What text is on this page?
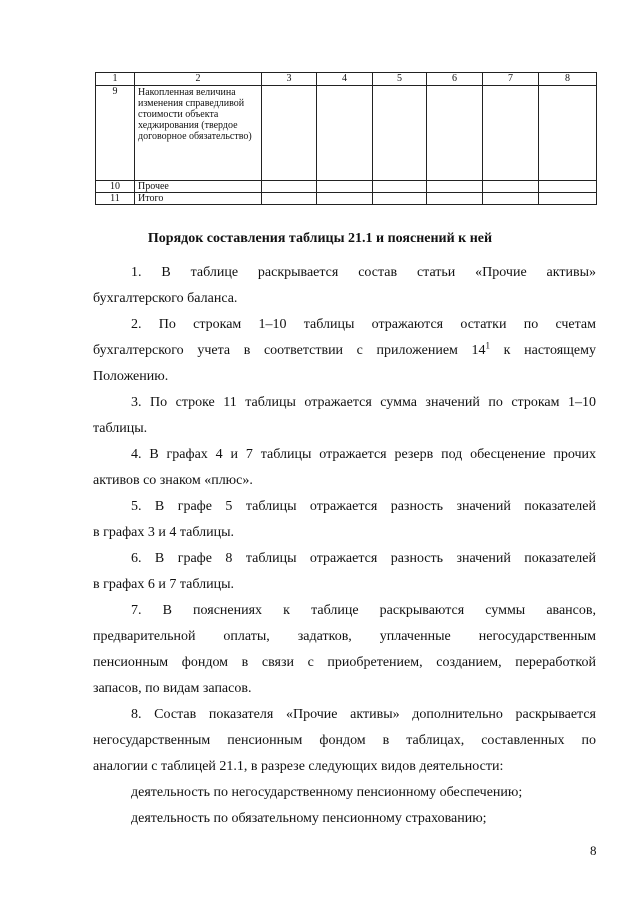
1	2	3	4	5	6	7	8
9	Накопленная величина изменения справедливой стоимости объекта хеджирования (твердое договорное обязательство)						
10	Прочее						
11	Итого						
Порядок составления таблицы 21.1 и пояснений к ней

1. В таблице раскрывается состав статьи «Прочие активы»

бухгалтерского баланса.

2. По строкам 1–10 таблицы отражаются остатки по счетам

бухгалтерского учета в соответствии с приложением $14^1$ к настоящему

Положению.

3. По строке 11 таблицы отражается сумма значений по строкам 1–10

таблицы.

4. В графах 4 и 7 таблицы отражается резерв под обесценение прочих

активов со знаком «плюс».

5. В графе 5 таблицы отражается разность значений показателей

в графах 3 и 4 таблицы.

6. В графе 8 таблицы отражается разность значений показателей

в графах 6 и 7 таблицы.

7. В пояснениях к таблице раскрываются суммы авансов,

предварительной оплаты, задатков, уплаченные негосударственным

пенсионным фондом в связи с приобретением, созданием, переработкой

запасов, по видам запасов.

8. Состав показателя «Прочие активы» дополнительно раскрывается

негосударственным пенсионным фондом в таблицах, составленных по

аналогии с таблицей 21.1, в разрезе следующих видов деятельности:

деятельность по негосударственному пенсионному обеспечению;

деятельность по обязательному пенсионному страхованию;

8
